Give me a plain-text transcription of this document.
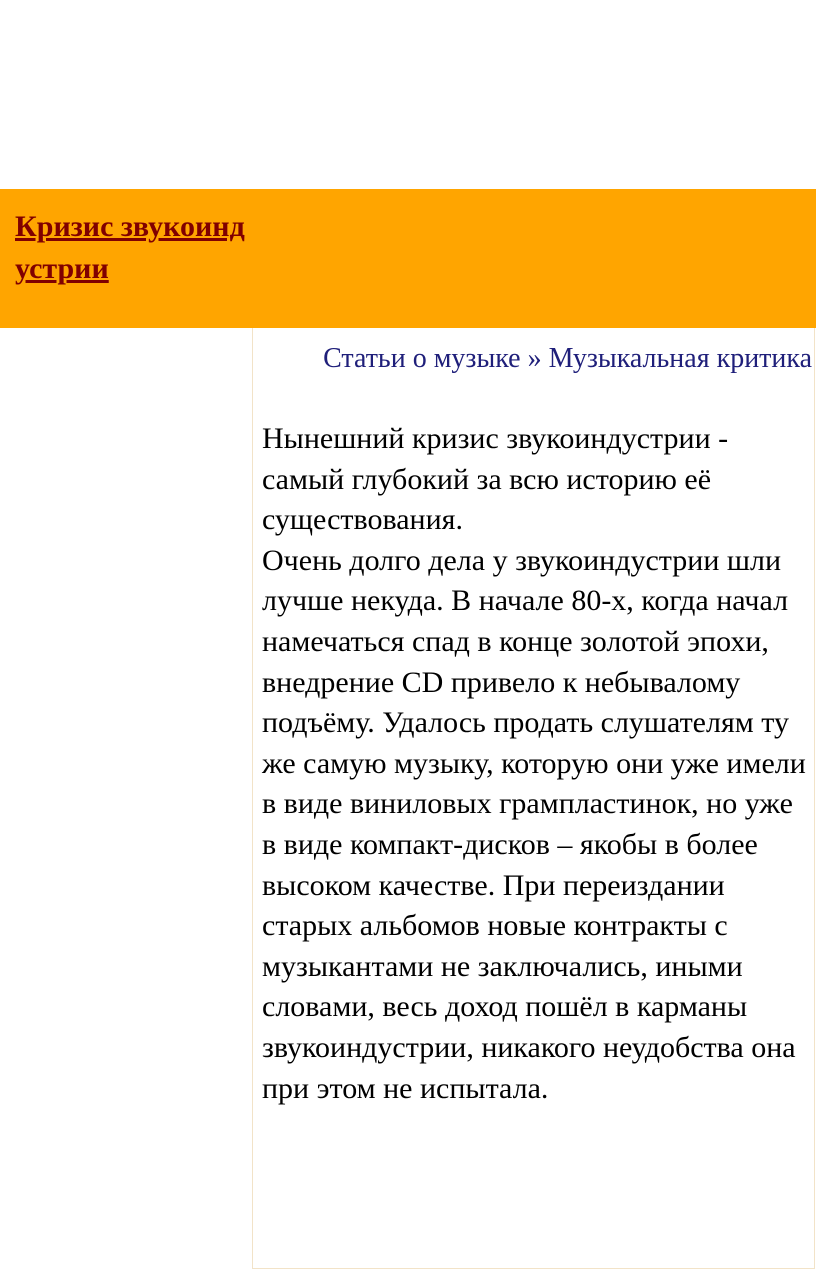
Кризис звукоиндустрии
Статьи о музыке » Музыкальная критика

Нынешний кризис звукоиндустрии - самый глубокий за всю историю её существования.

Очень долго дела у звукоиндустрии шли лучше некуда. В начале 80-х, когда начал намечаться спад в конце золотой эпохи, внедрение CD привело к небывалому подъёму. Удалось продать слушателям ту же самую музыку, которую они уже имели в виде виниловых грампластинок, но уже в виде компакт-дисков – якобы в более высоком качестве. При переиздании старых альбомов новые контракты с музыкантами не заключались, иными словами, весь доход пошёл в карманы звукоиндустрии, никакого неудобства она при этом не испытала.
